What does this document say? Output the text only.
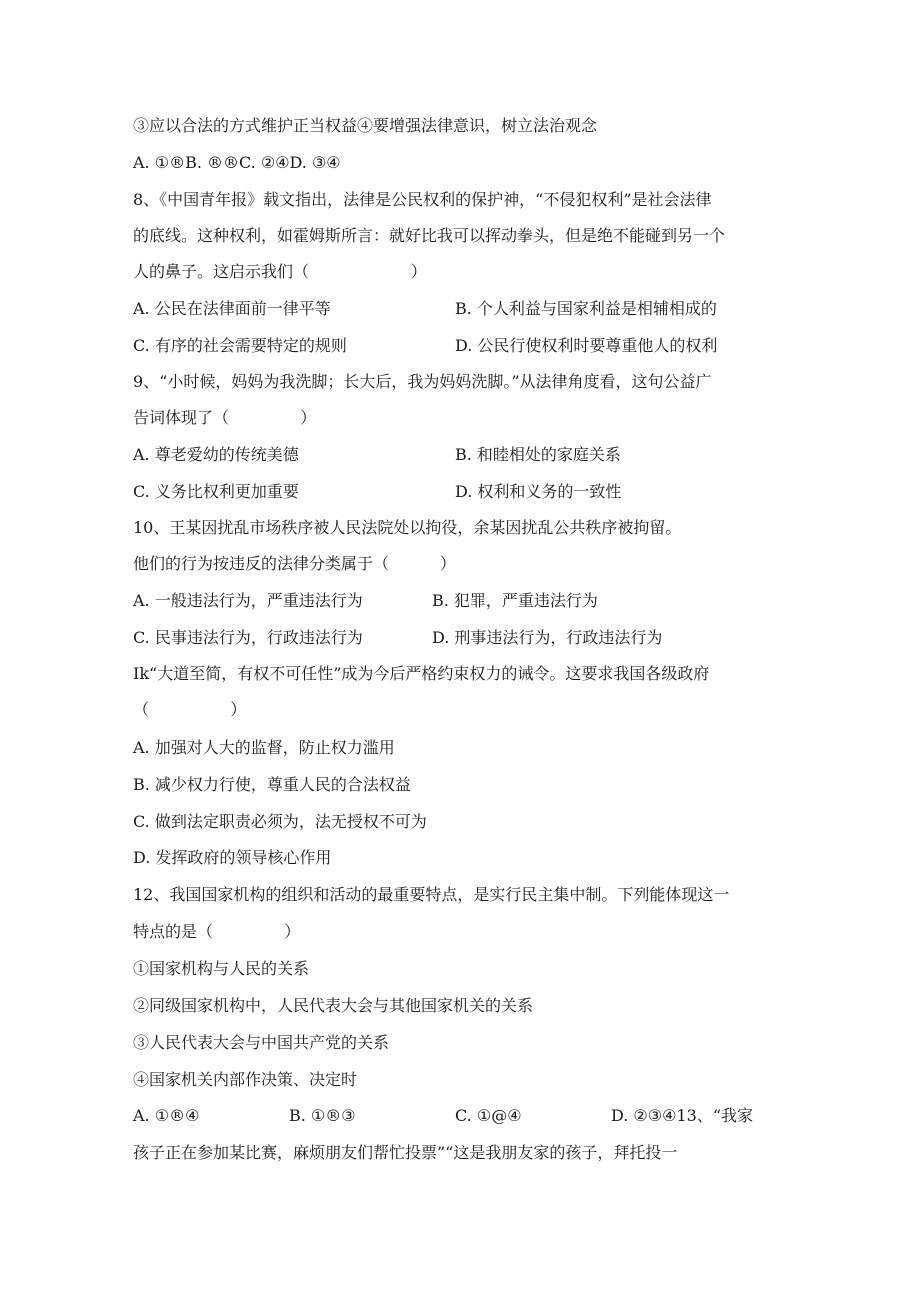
③应以合法的方式维护正当权益④要增强法律意识，树立法治观念
A. ①®B. ®®C. ②④D. ③④
8、《中国青年报》载文指出，法律是公民权利的保护神，“不侵犯权利”是社会法律
的底线。这种权利，如霍姆斯所言：就好比我可以挥动拳头，但是绝不能碰到另一个
人的鼻子。这启示我们（                    ）
A. 公民在法律面前一律平等	B. 个人利益与国家利益是相辅相成的
C. 有序的社会需要特定的规则	D. 公民行使权利时要尊重他人的权利
9、“小时候，妈妈为我洗脚；长大后，我为妈妈洗脚。”从法律角度看，这句公益广
告词体现了（              ）
A. 尊老爱幼的传统美德	B. 和睦相处的家庭关系
C. 义务比权利更加重要	D. 权利和义务的一致性
10、王某因扰乱市场秩序被人民法院处以拘役，余某因扰乱公共秩序被拘留。
他们的行为按违反的法律分类属于（          ）
A. 一般违法行为，严重违法行为	B. 犯罪，严重违法行为
C. 民事违法行为，行政违法行为	D. 刑事违法行为，行政违法行为
Ik“大道至简，有权不可任性”成为今后严格约束权力的诫令。这要求我国各级政府
（                ）
A. 加强对人大的监督，防止权力滥用
B. 减少权力行使，尊重人民的合法权益
C. 做到法定职责必须为，法无授权不可为
D. 发挥政府的领导核心作用
12、我国国家机构的组织和活动的最重要特点，是实行民主集中制。下列能体现这一
特点的是（              ）
①国家机构与人民的关系
②同级国家机构中，人民代表大会与其他国家机关的关系
③人民代表大会与中国共产党的关系
④国家机关内部作决策、决定时
A. ①®④	B. ①®③	C. ①@④	D. ②③④13、“我家
孩子正在参加某比赛，麻烦朋友们帮忙投票”“这是我朋友家的孩子，拜托投一
